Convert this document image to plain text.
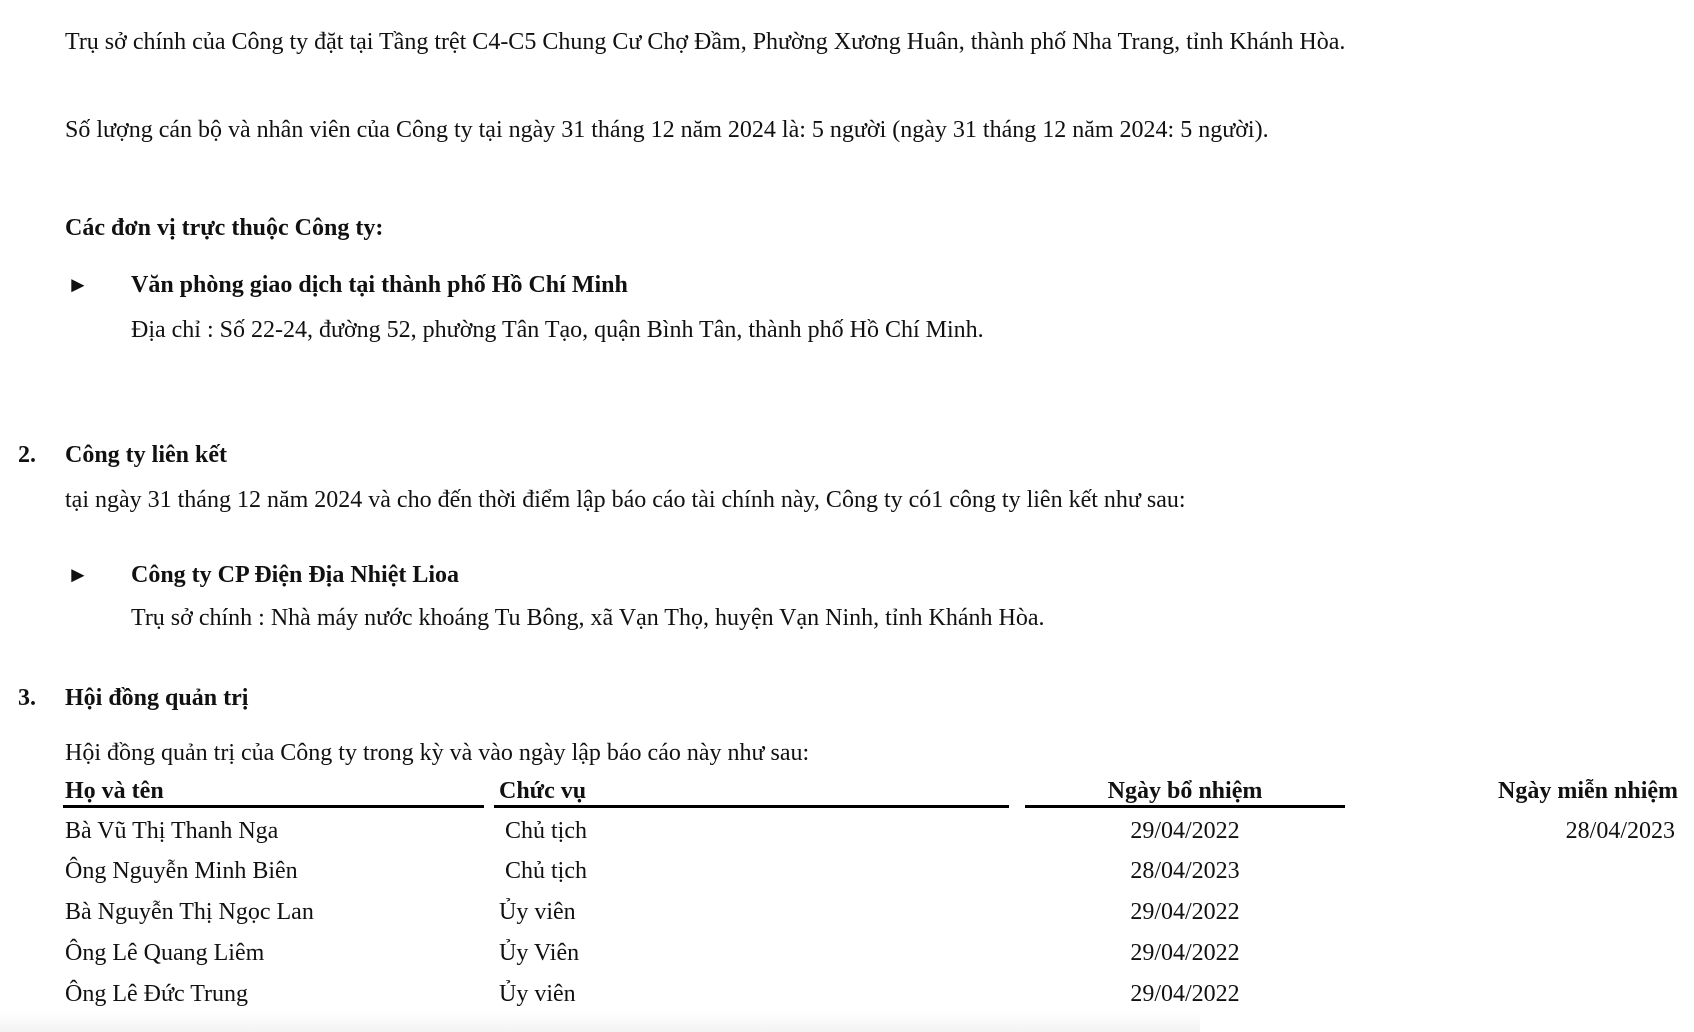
Trụ sở chính của Công ty đặt tại Tầng trệt C4-C5 Chung Cư Chợ Đầm, Phường Xương Huân, thành phố Nha Trang, tỉnh Khánh Hòa.
Số lượng cán bộ và nhân viên của Công ty tại ngày 31 tháng 12 năm 2024 là: 5 người (ngày 31 tháng 12 năm 2024: 5 người).
Các đơn vị trực thuộc Công ty:
► Văn phòng giao dịch tại thành phố Hồ Chí Minh
Địa chỉ : Số 22-24, đường 52, phường Tân Tạo, quận Bình Tân, thành phố Hồ Chí Minh.
2. Công ty liên kết
tại ngày 31 tháng 12 năm 2024 và cho đến thời điểm lập báo cáo tài chính này, Công ty có1 công ty liên kết như sau:
► Công ty CP Điện Địa Nhiệt Lioa
Trụ sở chính : Nhà máy nước khoáng Tu Bông, xã Vạn Thọ, huyện Vạn Ninh, tỉnh Khánh Hòa.
3. Hội đồng quản trị
Hội đồng quản trị của Công ty trong kỳ và vào ngày lập báo cáo này như sau:
Họ và tên	Chức vụ	Ngày bổ nhiệm	Ngày miễn nhiệm
Bà Vũ Thị Thanh Nga	Chủ tịch	29/04/2022	28/04/2023
Ông Nguyễn Minh Biên	Chủ tịch	28/04/2023
Bà Nguyễn Thị Ngọc Lan	Ủy viên	29/04/2022
Ông Lê Quang Liêm	Ủy Viên	29/04/2022
Ông Lê Đức Trung	Ủy viên	29/04/2022
